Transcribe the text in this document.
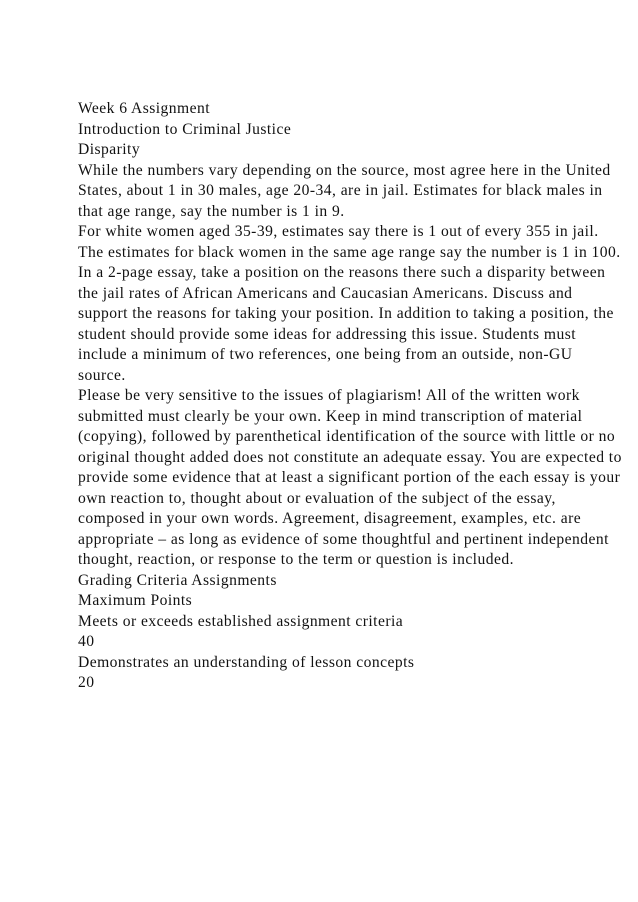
Week 6 Assignment

Introduction to Criminal Justice

Disparity

While the numbers vary depending on the source, most agree here in the United States, about 1 in 30 males, age 20-34, are in jail. Estimates for black males in that age range, say the number is 1 in 9.

For white women aged 35-39, estimates say there is 1 out of every 355 in jail. The estimates for black women in the same age range say the number is 1 in 100.

In a 2-page essay, take a position on the reasons there such a disparity between the jail rates of African Americans and Caucasian Americans. Discuss and support the reasons for taking your position. In addition to taking a position, the student should provide some ideas for addressing this issue. Students must include a minimum of two references, one being from an outside, non-GU source.

Please be very sensitive to the issues of plagiarism! All of the written work submitted must clearly be your own. Keep in mind transcription of material (copying), followed by parenthetical identification of the source with little or no original thought added does not constitute an adequate essay. You are expected to provide some evidence that at least a significant portion of the each essay is your own reaction to, thought about or evaluation of the subject of the essay, composed in your own words. Agreement, disagreement, examples, etc. are appropriate – as long as evidence of some thoughtful and pertinent independent thought, reaction, or response to the term or question is included.

Grading Criteria Assignments

Maximum Points

Meets or exceeds established assignment criteria

40

Demonstrates an understanding of lesson concepts

20
